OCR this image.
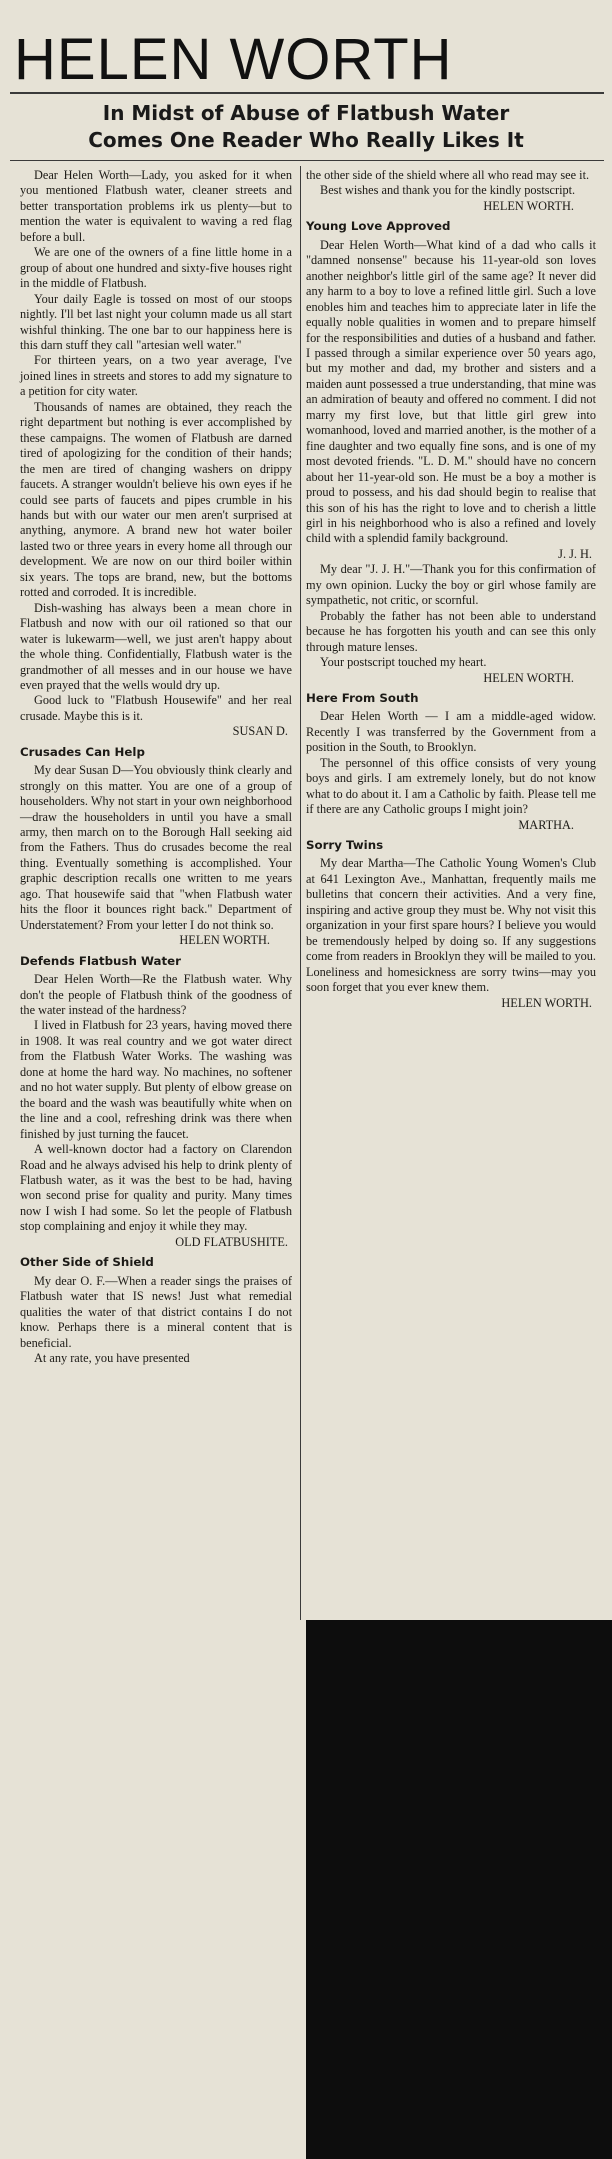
HELEN WORTH
In Midst of Abuse of Flatbush Water
Comes One Reader Who Really Likes It

Dear Helen Worth—Lady, you asked for it when you mentioned Flatbush water, cleaner streets and better transportation problems irk us plenty—but to mention the water is equivalent to waving a red flag before a bull.

We are one of the owners of a fine little home in a group of about one hundred and sixty-five houses right in the middle of Flatbush.

Your daily Eagle is tossed on most of our stoops nightly. I'll bet last night your column made us all start wishful thinking. The one bar to our happiness here is this darn stuff they call "artesian well water."

For thirteen years, on a two year average, I've joined lines in streets and stores to add my signature to a petition for city water.

Thousands of names are obtained, they reach the right department but nothing is ever accomplished by these campaigns. The women of Flatbush are darned tired of apologizing for the condition of their hands; the men are tired of changing washers on drippy faucets. A stranger wouldn't believe his own eyes if he could see parts of faucets and pipes crumble in his hands but with our water our men aren't surprised at anything, anymore. A brand new hot water boiler lasted two or three years in every home all through our development. We are now on our third boiler within six years. The tops are brand, new, but the bottoms rotted and corroded. It is incredible.

Dish-washing has always been a mean chore in Flatbush and now with our oil rationed so that our water is lukewarm—well, we just aren't happy about the whole thing. Confidentially, Flatbush water is the grandmother of all messes and in our house we have even prayed that the wells would dry up.

Good luck to "Flatbush Housewife" and her real crusade. Maybe this is it.

SUSAN D.

Crusades Can Help

My dear Susan D—You obviously think clearly and strongly on this matter. You are one of a group of householders. Why not start in your own neighborhood—draw the householders in until you have a small army, then march on to the Borough Hall seeking aid from the Fathers. Thus do crusades become the real thing. Eventually something is accomplished. Your graphic description recalls one written to me years ago. That housewife said that "when Flatbush water hits the floor it bounces right back." Department of Understatement? From your letter I do not think so.

HELEN WORTH.

Defends Flatbush Water

Dear Helen Worth—Re the Flatbush water. Why don't the people of Flatbush think of the goodness of the water instead of the hardness?

I lived in Flatbush for 23 years, having moved there in 1908. It was real country and we got water direct from the Flatbush Water Works. The washing was done at home the hard way. No machines, no softener and no hot water supply. But plenty of elbow grease on the board and the wash was beautifully white when on the line and a cool, refreshing drink was there when finished by just turning the faucet.

A well-known doctor had a factory on Clarendon Road and he always advised his help to drink plenty of Flatbush water, as it was the best to be had, having won second prise for quality and purity. Many times now I wish I had some. So let the people of Flatbush stop complaining and enjoy it while they may.

OLD FLATBUSHITE.

Other Side of Shield

My dear O. F.—When a reader sings the praises of Flatbush water that IS news! Just what remedial qualities the water of that district contains I do not know. Perhaps there is a mineral content that is beneficial.

At any rate, you have presented

the other side of the shield where all who read may see it.

Best wishes and thank you for the kindly postscript.

HELEN WORTH.

Young Love Approved

Dear Helen Worth—What kind of a dad who calls it "damned nonsense" because his 11-year-old son loves another neighbor's little girl of the same age? It never did any harm to a boy to love a refined little girl. Such a love enobles him and teaches him to appreciate later in life the equally noble qualities in women and to prepare himself for the responsibilities and duties of a husband and father. I passed through a similar experience over 50 years ago, but my mother and dad, my brother and sisters and a maiden aunt possessed a true understanding, that mine was an admiration of beauty and offered no comment. I did not marry my first love, but that little girl grew into womanhood, loved and married another, is the mother of a fine daughter and two equally fine sons, and is one of my most devoted friends. "L. D. M." should have no concern about her 11-year-old son. He must be a boy a mother is proud to possess, and his dad should begin to realise that this son of his has the right to love and to cherish a little girl in his neighborhood who is also a refined and lovely child with a splendid family background.

J. J. H.

My dear "J. J. H."—Thank you for this confirmation of my own opinion. Lucky the boy or girl whose family are sympathetic, not critic, or scornful.

Probably the father has not been able to understand because he has forgotten his youth and can see this only through mature lenses.

Your postscript touched my heart.

HELEN WORTH.

Here From South

Dear Helen Worth — I am a middle-aged widow. Recently I was transferred by the Government from a position in the South, to Brooklyn.

The personnel of this office consists of very young boys and girls. I am extremely lonely, but do not know what to do about it. I am a Catholic by faith. Please tell me if there are any Catholic groups I might join?

MARTHA.

Sorry Twins

My dear Martha—The Catholic Young Women's Club at 641 Lexington Ave., Manhattan, frequently mails me bulletins that concern their activities. And a very fine, inspiring and active group they must be. Why not visit this organization in your first spare hours? I believe you would be tremendously helped by doing so. If any suggestions come from readers in Brooklyn they will be mailed to you. Loneliness and homesickness are sorry twins—may you soon forget that you ever knew them.

HELEN WORTH.
